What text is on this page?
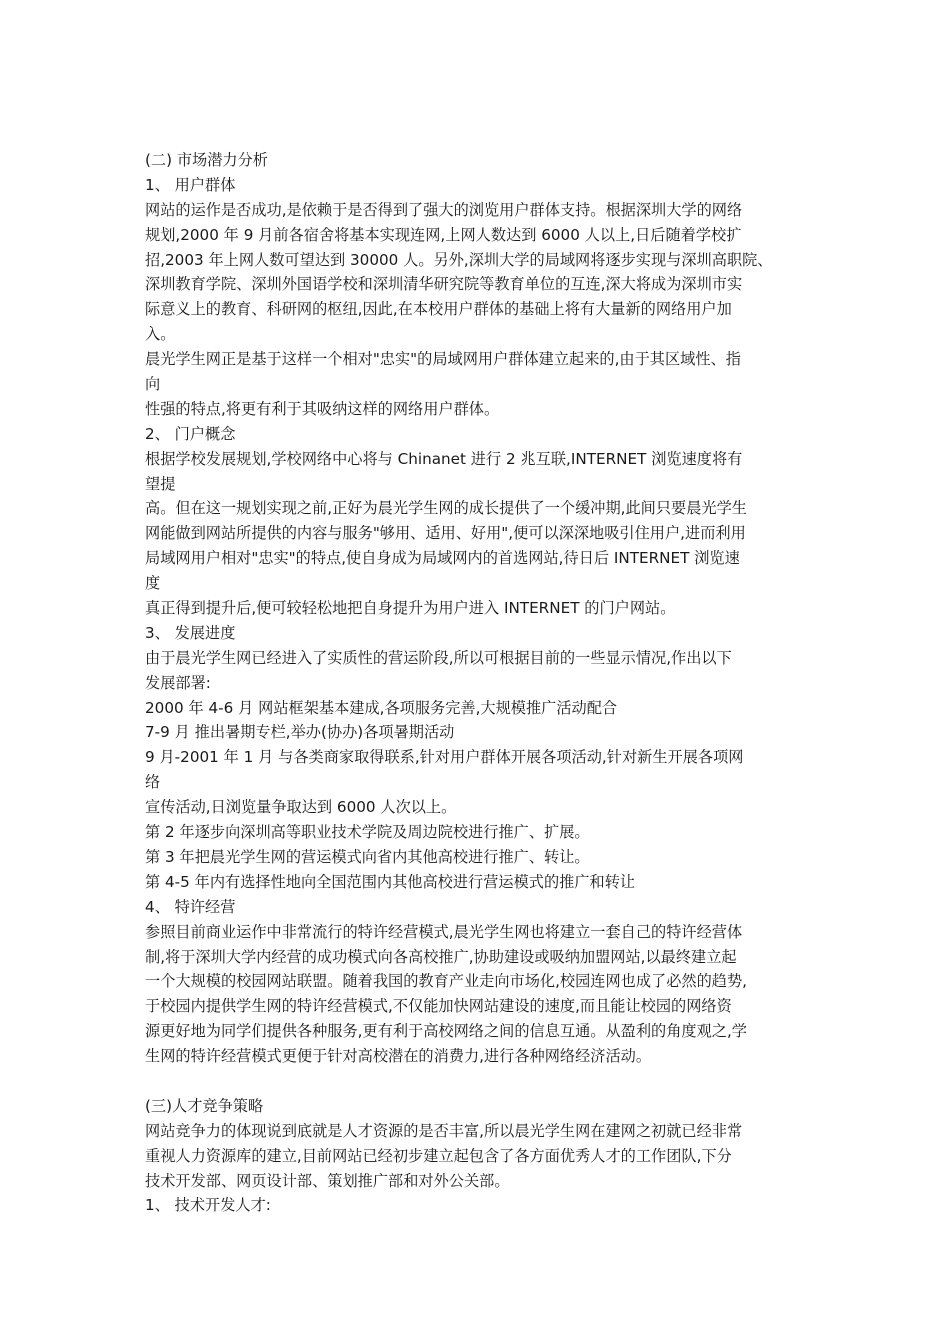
(二) 市场潜力分析
1、 用户群体
网站的运作是否成功,是依赖于是否得到了强大的浏览用户群体支持。根据深圳大学的网络
规划,2000 年 9 月前各宿舍将基本实现连网,上网人数达到 6000 人以上,日后随着学校扩
招,2003 年上网人数可望达到 30000 人。另外,深圳大学的局域网将逐步实现与深圳高职院、
深圳教育学院、深圳外国语学校和深圳清华研究院等教育单位的互连,深大将成为深圳市实
际意义上的教育、科研网的枢纽,因此,在本校用户群体的基础上将有大量新的网络用户加
入。
晨光学生网正是基于这样一个相对"忠实"的局域网用户群体建立起来的,由于其区域性、指
向
性强的特点,将更有利于其吸纳这样的网络用户群体。
2、 门户概念
根据学校发展规划,学校网络中心将与 Chinanet 进行 2 兆互联,INTERNET 浏览速度将有
望提
高。但在这一规划实现之前,正好为晨光学生网的成长提供了一个缓冲期,此间只要晨光学生
网能做到网站所提供的内容与服务"够用、适用、好用",便可以深深地吸引住用户,进而利用
局域网用户相对"忠实"的特点,使自身成为局域网内的首选网站,待日后 INTERNET 浏览速
度
真正得到提升后,便可较轻松地把自身提升为用户进入 INTERNET 的门户网站。
3、 发展进度
由于晨光学生网已经进入了实质性的营运阶段,所以可根据目前的一些显示情况,作出以下
发展部署:
2000 年 4-6 月 网站框架基本建成,各项服务完善,大规模推广活动配合
7-9 月 推出暑期专栏,举办(协办)各项暑期活动
9 月-2001 年 1 月 与各类商家取得联系,针对用户群体开展各项活动,针对新生开展各项网
络
宣传活动,日浏览量争取达到 6000 人次以上。
第 2 年逐步向深圳高等职业技术学院及周边院校进行推广、扩展。
第 3 年把晨光学生网的营运模式向省内其他高校进行推广、转让。
第 4-5 年内有选择性地向全国范围内其他高校进行营运模式的推广和转让
4、 特许经营
参照目前商业运作中非常流行的特许经营模式,晨光学生网也将建立一套自己的特许经营体
制,将于深圳大学内经营的成功模式向各高校推广,协助建设或吸纳加盟网站,以最终建立起
一个大规模的校园网站联盟。随着我国的教育产业走向市场化,校园连网也成了必然的趋势,
于校园内提供学生网的特许经营模式,不仅能加快网站建设的速度,而且能让校园的网络资
源更好地为同学们提供各种服务,更有利于高校网络之间的信息互通。从盈利的角度观之,学
生网的特许经营模式更便于针对高校潜在的消费力,进行各种网络经济活动。
(三)人才竞争策略
网站竞争力的体现说到底就是人才资源的是否丰富,所以晨光学生网在建网之初就已经非常
重视人力资源库的建立,目前网站已经初步建立起包含了各方面优秀人才的工作团队,下分
技术开发部、网页设计部、策划推广部和对外公关部。
1、 技术开发人才:
